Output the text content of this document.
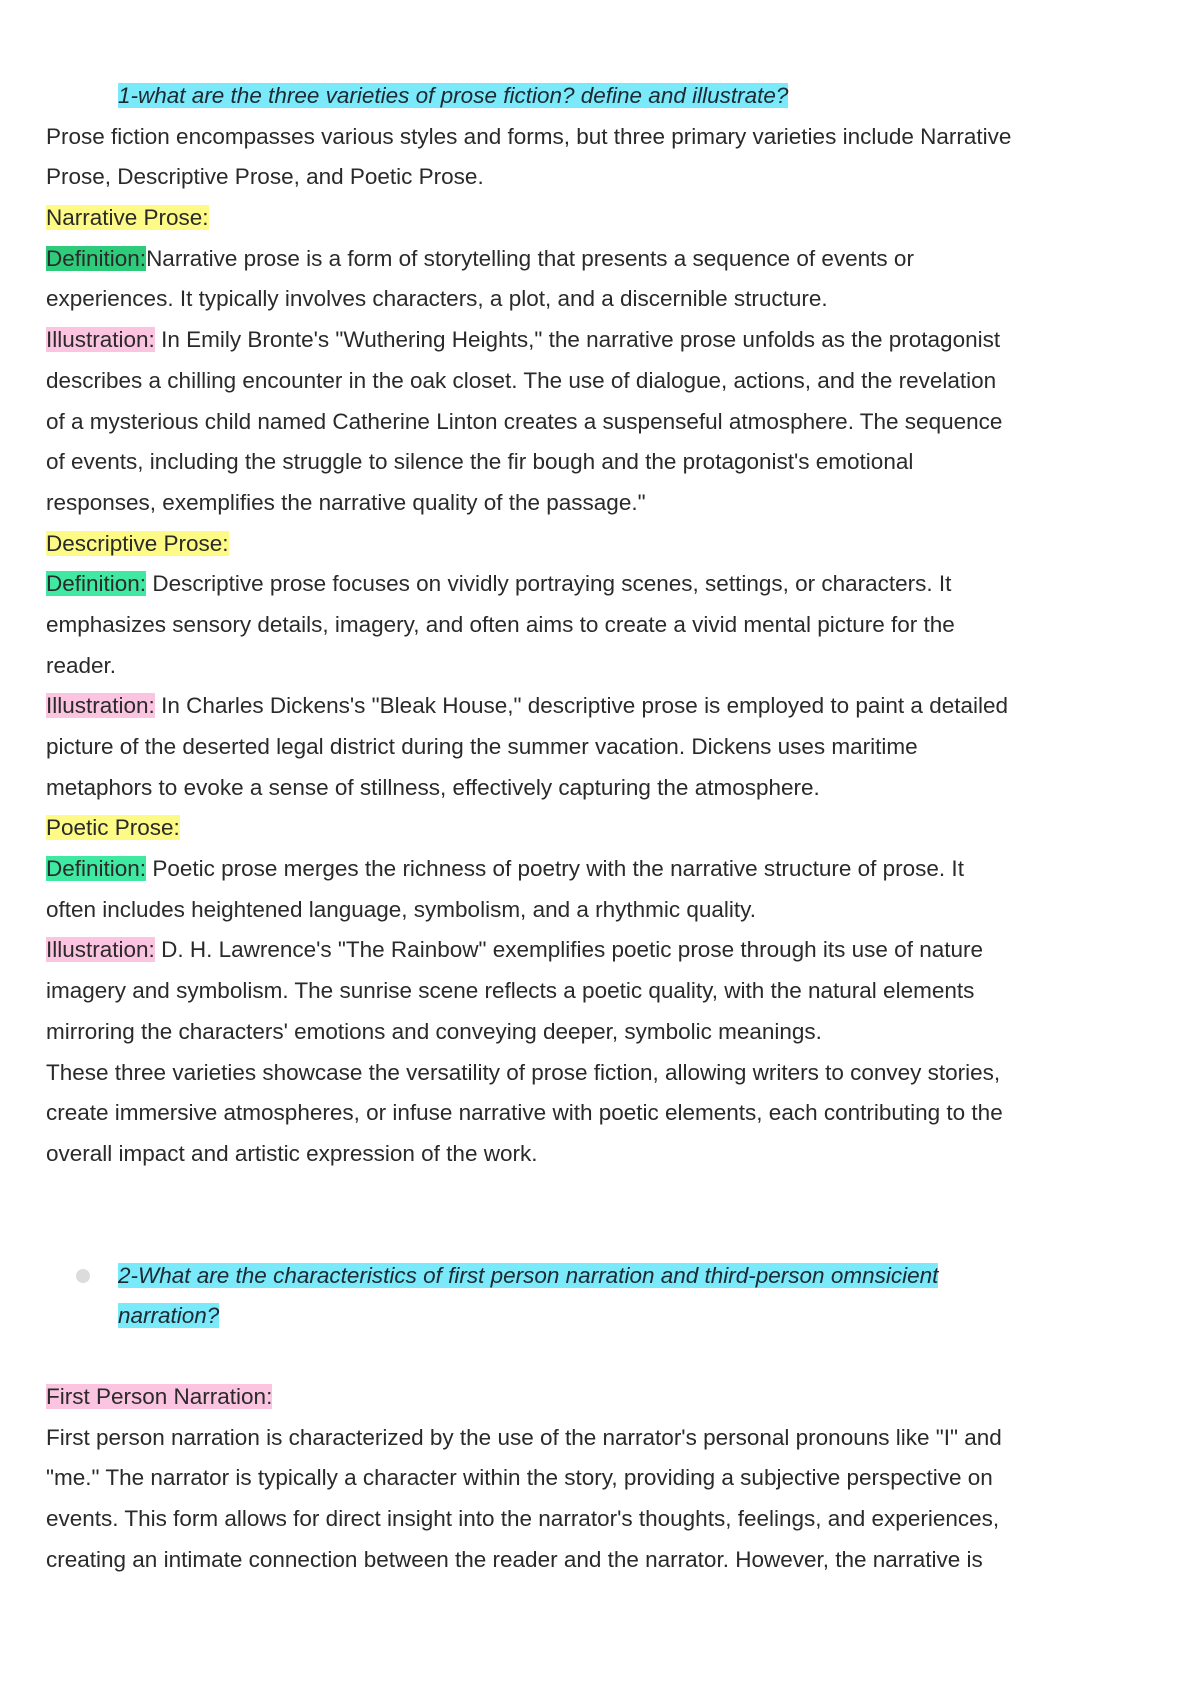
1-what are the three varieties of prose fiction? define and illustrate?

Prose fiction encompasses various styles and forms, but three primary varieties include Narrative

Prose, Descriptive Prose, and Poetic Prose.

Narrative Prose:

Definition:Narrative prose is a form of storytelling that presents a sequence of events or

experiences. It typically involves characters, a plot, and a discernible structure.

Illustration: In Emily Bronte's "Wuthering Heights," the narrative prose unfolds as the protagonist

describes a chilling encounter in the oak closet. The use of dialogue, actions, and the revelation

of a mysterious child named Catherine Linton creates a suspenseful atmosphere. The sequence

of events, including the struggle to silence the fir bough and the protagonist's emotional

responses, exemplifies the narrative quality of the passage."

Descriptive Prose:

Definition: Descriptive prose focuses on vividly portraying scenes, settings, or characters. It

emphasizes sensory details, imagery, and often aims to create a vivid mental picture for the

reader.

Illustration: In Charles Dickens's "Bleak House," descriptive prose is employed to paint a detailed

picture of the deserted legal district during the summer vacation. Dickens uses maritime

metaphors to evoke a sense of stillness, effectively capturing the atmosphere.

Poetic Prose:

Definition: Poetic prose merges the richness of poetry with the narrative structure of prose. It

often includes heightened language, symbolism, and a rhythmic quality.

Illustration: D. H. Lawrence's "The Rainbow" exemplifies poetic prose through its use of nature

imagery and symbolism. The sunrise scene reflects a poetic quality, with the natural elements

mirroring the characters' emotions and conveying deeper, symbolic meanings.

These three varieties showcase the versatility of prose fiction, allowing writers to convey stories,

create immersive atmospheres, or infuse narrative with poetic elements, each contributing to the

overall impact and artistic expression of the work.

2-What are the characteristics of first person narration and third-person omnsicient

narration?

First Person Narration:

First person narration is characterized by the use of the narrator's personal pronouns like "I" and

"me." The narrator is typically a character within the story, providing a subjective perspective on

events. This form allows for direct insight into the narrator's thoughts, feelings, and experiences,

creating an intimate connection between the reader and the narrator. However, the narrative is
